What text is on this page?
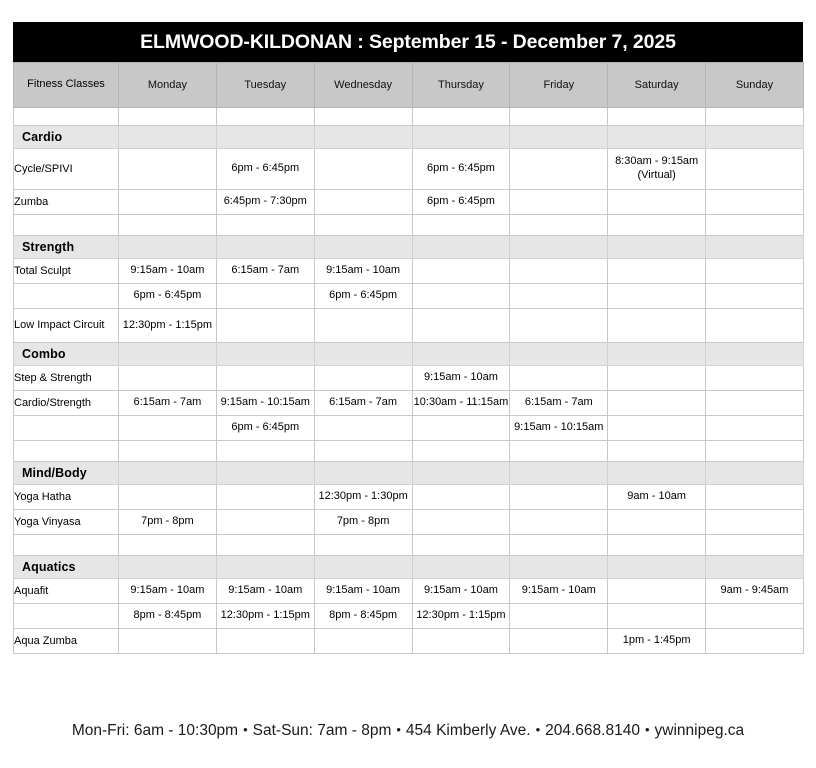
ELMWOOD-KILDONAN : September 15 - December 7, 2025
Fitness Classes	Monday	Tuesday	Wednesday	Thursday	Friday	Saturday	Sunday

Cardio							
Cycle/SPIVI		6pm - 6:45pm		6pm - 6:45pm		8:30am - 9:15am
(Virtual)	
Zumba		6:45pm - 7:30pm		6pm - 6:45pm			

Strength							
Total Sculpt	9:15am - 10am	6:15am - 7am	9:15am - 10am				
	6pm - 6:45pm		6pm - 6:45pm				
Low Impact Circuit	12:30pm - 1:15pm						
Combo							
Step & Strength				9:15am - 10am			
Cardio/Strength	6:15am - 7am	9:15am - 10:15am	6:15am - 7am	10:30am - 11:15am	6:15am - 7am		
		6pm - 6:45pm			9:15am - 10:15am		

Mind/Body							
Yoga Hatha			12:30pm - 1:30pm			9am - 10am	
Yoga Vinyasa	7pm - 8pm		7pm - 8pm				

Aquatics							
Aquafit	9:15am - 10am	9:15am - 10am	9:15am - 10am	9:15am - 10am	9:15am - 10am		9am - 9:45am
	8pm - 8:45pm	12:30pm - 1:15pm	8pm - 8:45pm	12:30pm - 1:15pm			
Aqua Zumba						1pm - 1:45pm	
Mon-Fri: 6am - 10:30pm • Sat-Sun: 7am - 8pm • 454 Kimberly Ave. • 204.668.8140 • ywinnipeg.ca
